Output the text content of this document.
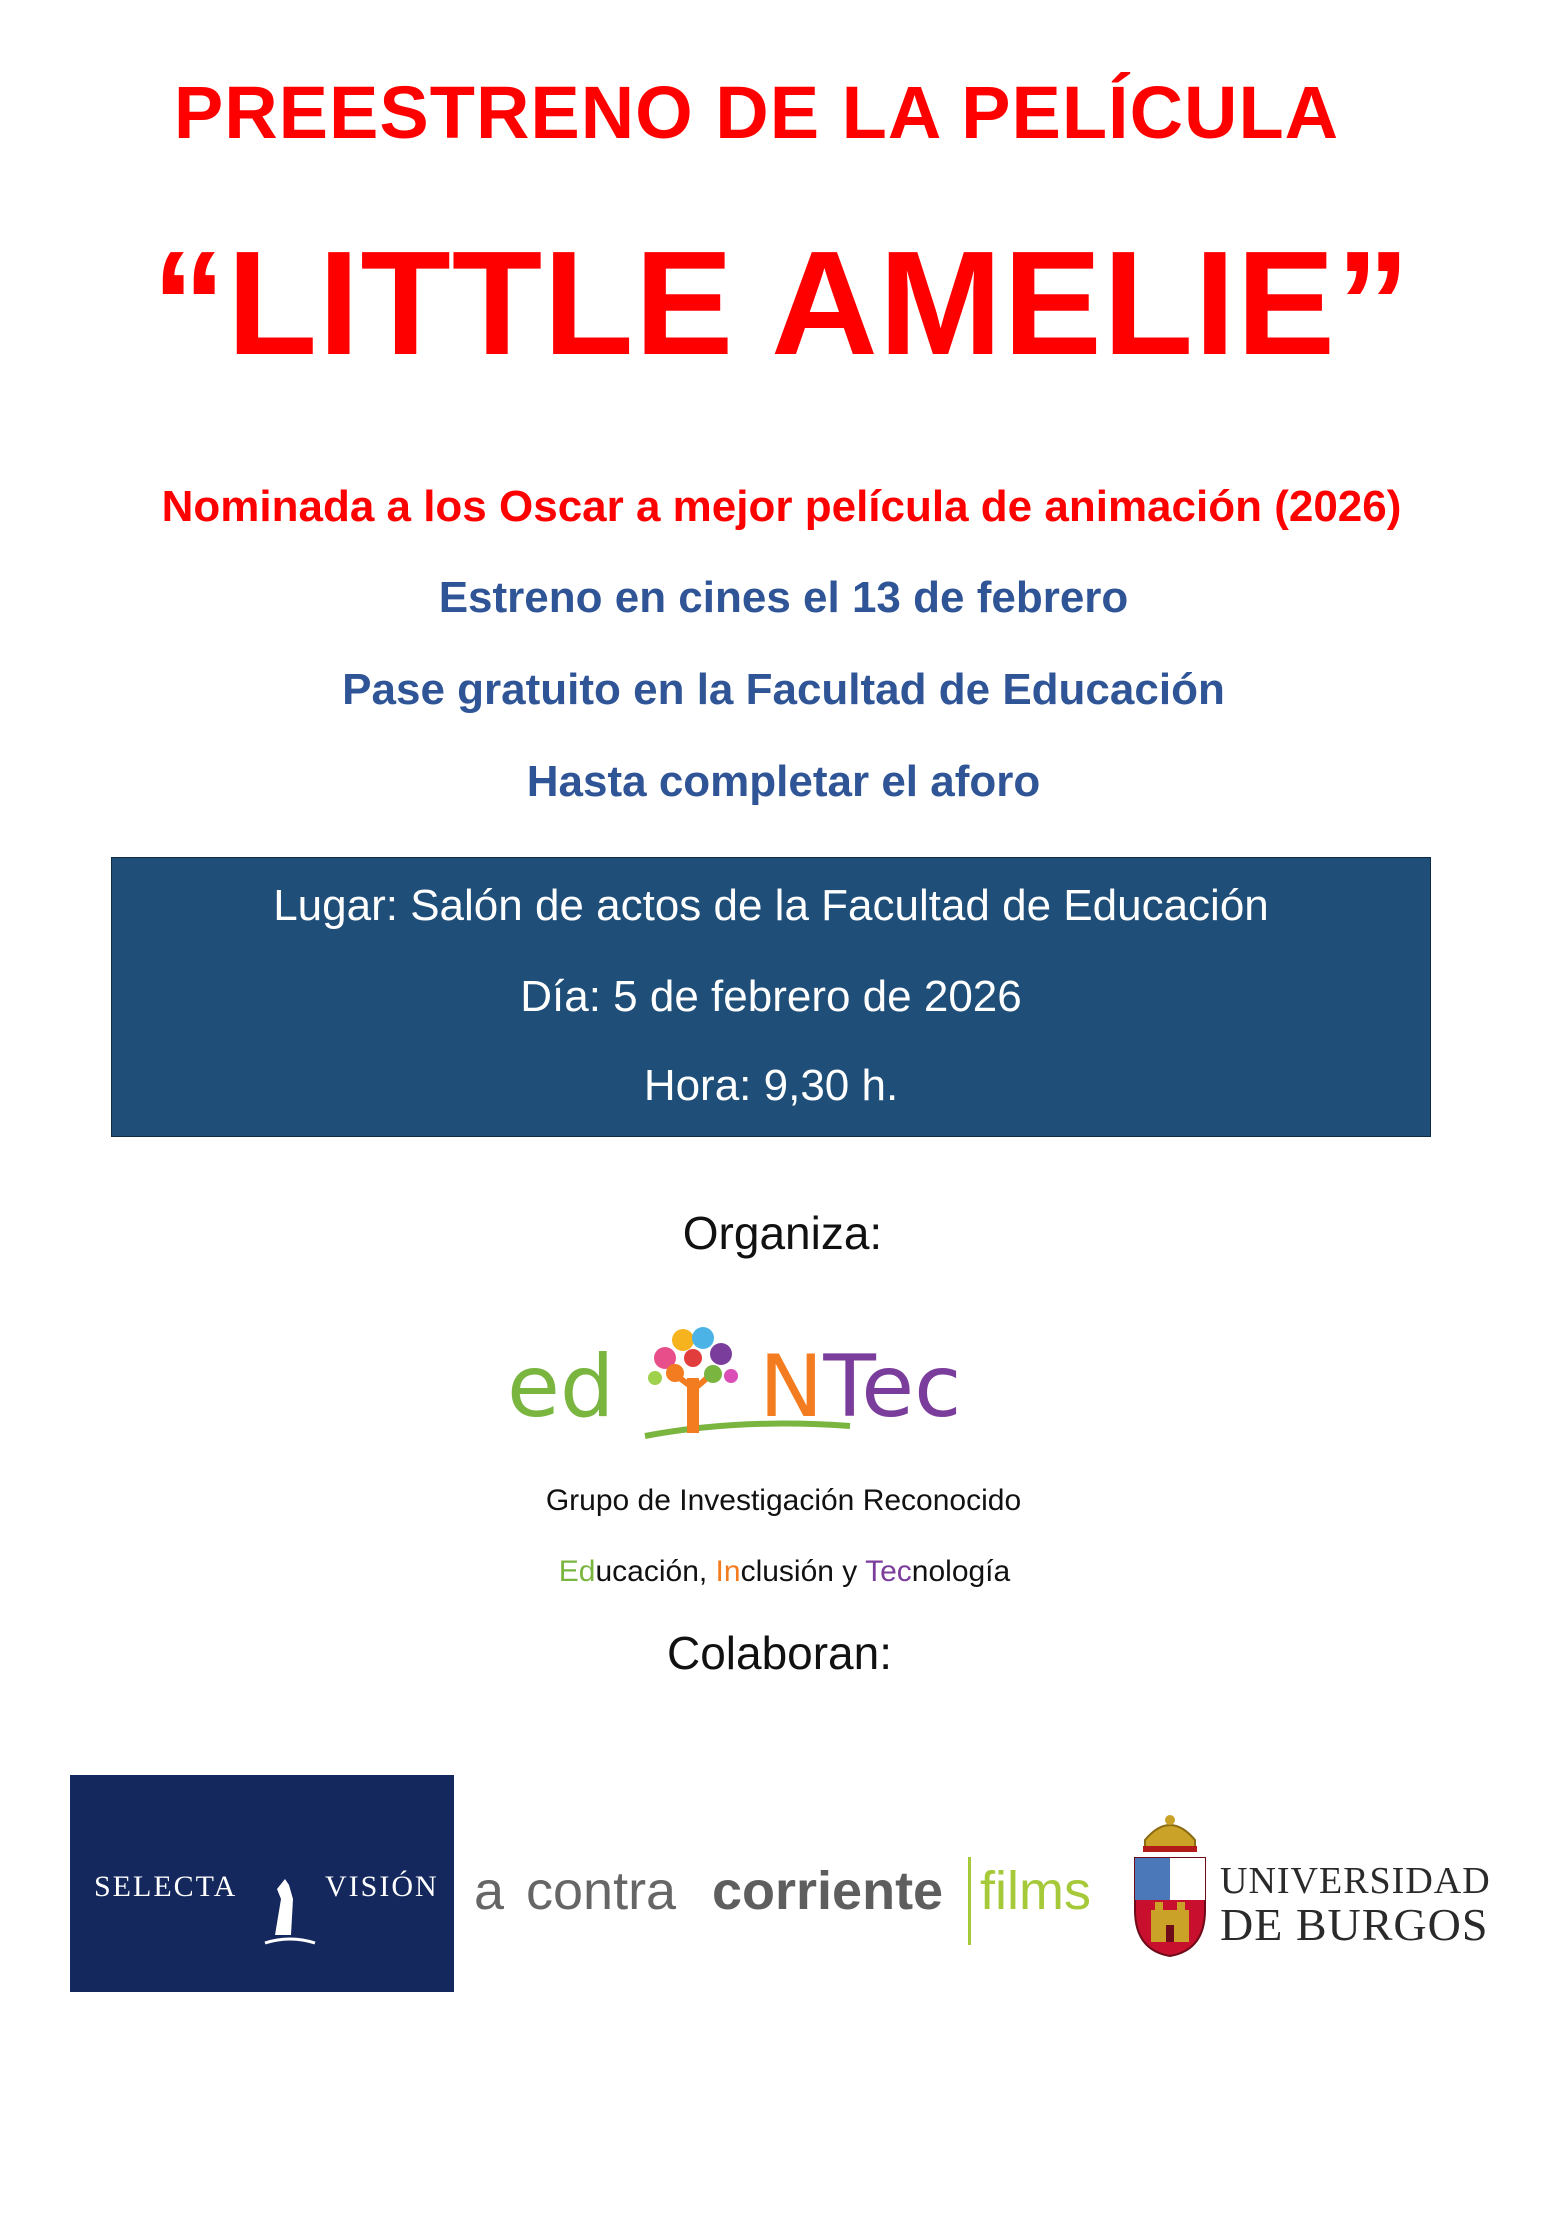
PREESTRENO DE LA PELÍCULA
“LITTLE AMELIE”
Nominada a los Oscar a mejor película de animación (2026)
Estreno en cines el 13 de febrero
Pase gratuito en la Facultad de Educación
Hasta completar el aforo
Lugar: Salón de actos de la Facultad de Educación
Día: 5 de febrero de 2026
Hora: 9,30 h.
Organiza:
ed NTec
Grupo de Investigación Reconocido
Educación, Inclusión y Tecnología
Colaboran:
SELECTA	VISIÓN a contra corriente films	UNIVERSIDAD
DE BURGOS
